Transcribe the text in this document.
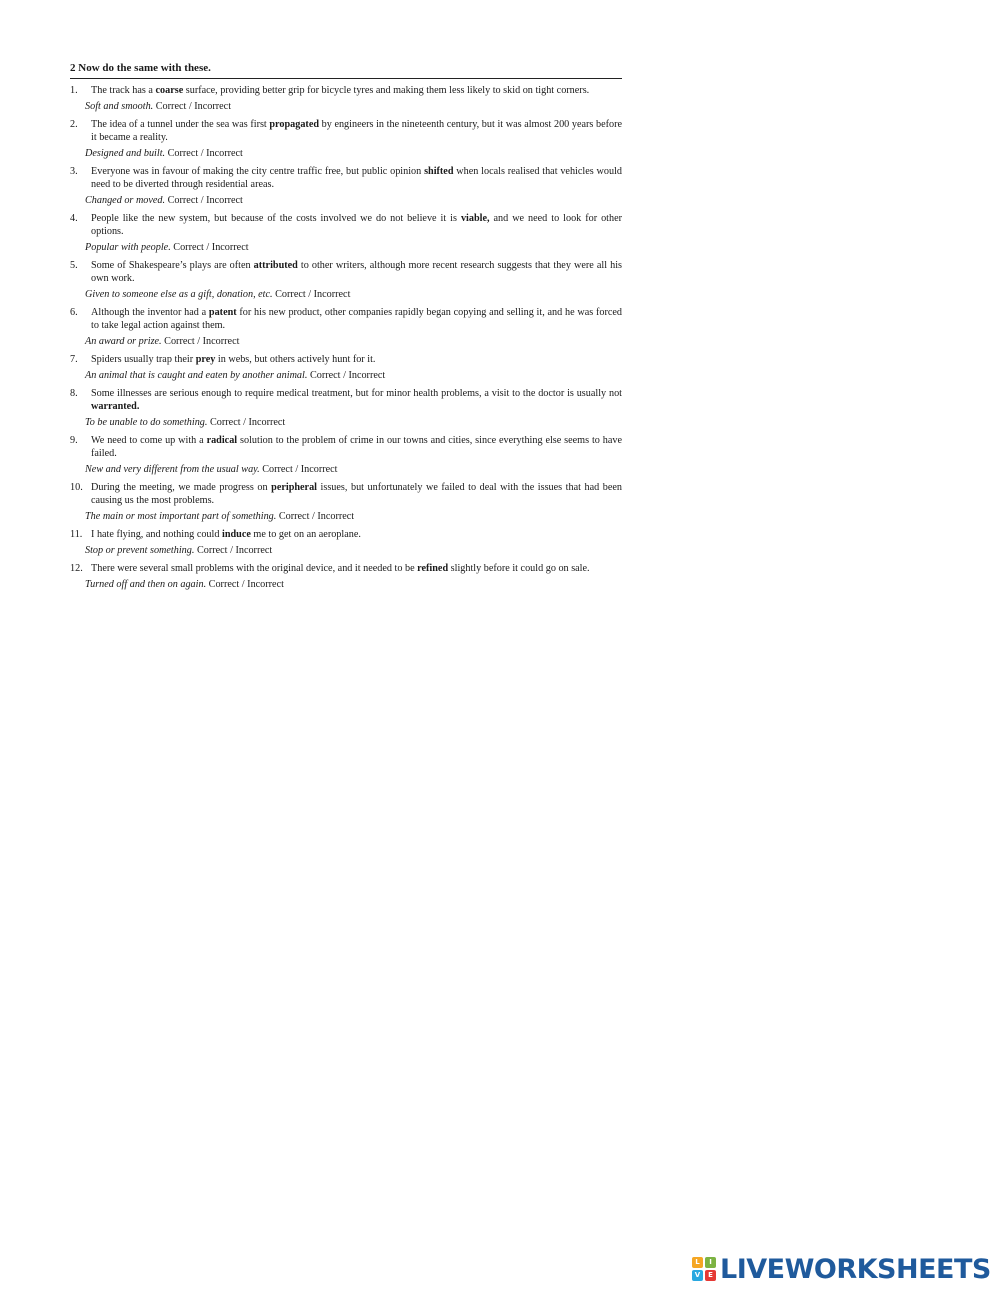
2 Now do the same with these.
1.	The track has a coarse surface, providing better grip for bicycle tyres and making them less likely to skid on tight corners.
Soft and smooth. Correct / Incorrect
2.	The idea of a tunnel under the sea was first propagated by engineers in the nineteenth century, but it was almost 200 years before it became a reality.
Designed and built. Correct / Incorrect
3.	Everyone was in favour of making the city centre traffic free, but public opinion shifted when locals realised that vehicles would need to be diverted through residential areas.
Changed or moved. Correct / Incorrect
4.	People like the new system, but because of the costs involved we do not believe it is viable, and we need to look for other options.
Popular with people. Correct / Incorrect
5.	Some of Shakespeare’s plays are often attributed to other writers, although more recent research suggests that they were all his own work.
Given to someone else as a gift, donation, etc. Correct / Incorrect
6.	Although the inventor had a patent for his new product, other companies rapidly began copying and selling it, and he was forced to take legal action against them.
An award or prize. Correct / Incorrect
7.	Spiders usually trap their prey in webs, but others actively hunt for it.
An animal that is caught and eaten by another animal. Correct / Incorrect
8.	Some illnesses are serious enough to require medical treatment, but for minor health problems, a visit to the doctor is usually not warranted.
To be unable to do something. Correct / Incorrect
9.	We need to come up with a radical solution to the problem of crime in our towns and cities, since everything else seems to have failed.
New and very different from the usual way. Correct / Incorrect
10. During the meeting, we made progress on peripheral issues, but unfortunately we failed to deal with the issues that had been causing us the most problems.
The main or most important part of something. Correct / Incorrect
11. I hate flying, and nothing could induce me to get on an aeroplane.
Stop or prevent something. Correct / Incorrect
12. There were several small problems with the original device, and it needed to be refined slightly before it could go on sale.
Turned off and then on again. Correct / Incorrect
L	I
V	E LIVEWORKSHEETS
